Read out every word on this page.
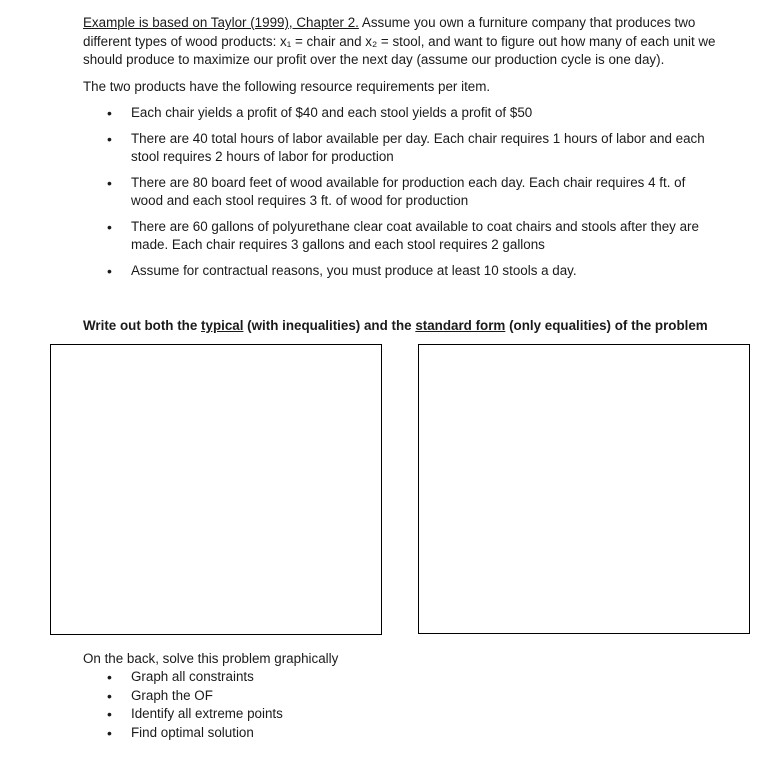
Example is based on Taylor (1999), Chapter 2. Assume you own a furniture company that produces two different types of wood products: x₁ = chair and x₂ = stool, and want to figure out how many of each unit we should produce to maximize our profit over the next day (assume our production cycle is one day).
The two products have the following resource requirements per item.
• Each chair yields a profit of $40 and each stool yields a profit of $50
• There are 40 total hours of labor available per day. Each chair requires 1 hours of labor and each stool requires 2 hours of labor for production
• There are 80 board feet of wood available for production each day. Each chair requires 4 ft. of wood and each stool requires 3 ft. of wood for production
• There are 60 gallons of polyurethane clear coat available to coat chairs and stools after they are made. Each chair requires 3 gallons and each stool requires 2 gallons
• Assume for contractual reasons, you must produce at least 10 stools a day.
Write out both the typical (with inequalities) and the standard form (only equalities) of the problem
On the back, solve this problem graphically
• Graph all constraints
• Graph the OF
• Identify all extreme points
• Find optimal solution
